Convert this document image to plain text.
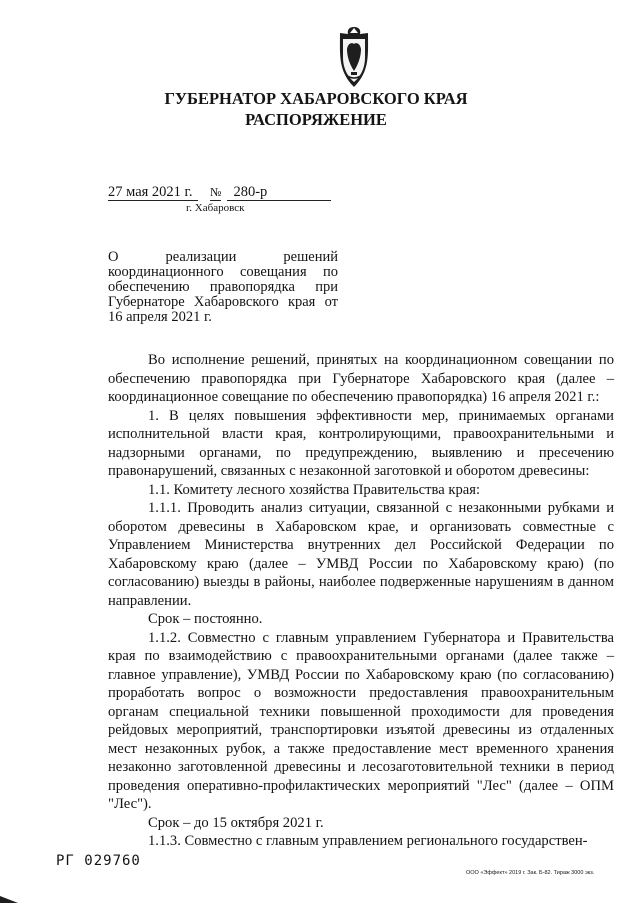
ГУБЕРНАТОР ХАБАРОВСКОГО КРАЯ
РАСПОРЯЖЕНИЕ
27 мая 2021 г. № 280-р
г. Хабаровск
О реализации решений координационного совещания по обеспечению правопорядка при Губернаторе Хабаровского края от 16 апреля 2021 г.

Во исполнение решений, принятых на координационном совещании по обеспечению правопорядка при Губернаторе Хабаровского края (далее – координационное совещание по обеспечению правопорядка) 16 апреля 2021 г.:

1. В целях повышения эффективности мер, принимаемых органами исполнительной власти края, контролирующими, правоохранительными и надзорными органами, по предупреждению, выявлению и пресечению правонарушений, связанных с незаконной заготовкой и оборотом древесины:

1.1. Комитету лесного хозяйства Правительства края:

1.1.1. Проводить анализ ситуации, связанной с незаконными рубками и оборотом древесины в Хабаровском крае, и организовать совместные с Управлением Министерства внутренних дел Российской Федерации по Хабаровскому краю (далее – УМВД России по Хабаровскому краю) (по согласованию) выезды в районы, наиболее подверженные нарушениям в данном направлении.

Срок – постоянно.

1.1.2. Совместно с главным управлением Губернатора и Правительства края по взаимодействию с правоохранительными органами (далее также – главное управление), УМВД России по Хабаровскому краю (по согласованию) проработать вопрос о возможности предоставления правоохранительным органам специальной техники повышенной проходимости для проведения рейдовых мероприятий, транспортировки изъятой древесины из отдаленных мест незаконных рубок, а также предоставление мест временного хранения незаконно заготовленной древесины и лесозаготовительной техники в период проведения оперативно-профилактических мероприятий "Лес" (далее – ОПМ "Лес").

Срок – до 15 октября 2021 г.

1.1.3. Совместно с главным управлением регионального государствен-

РГ 029760
ООО «Эффект» 2019 г. Зак. Б-82. Тираж 3000 экз.
